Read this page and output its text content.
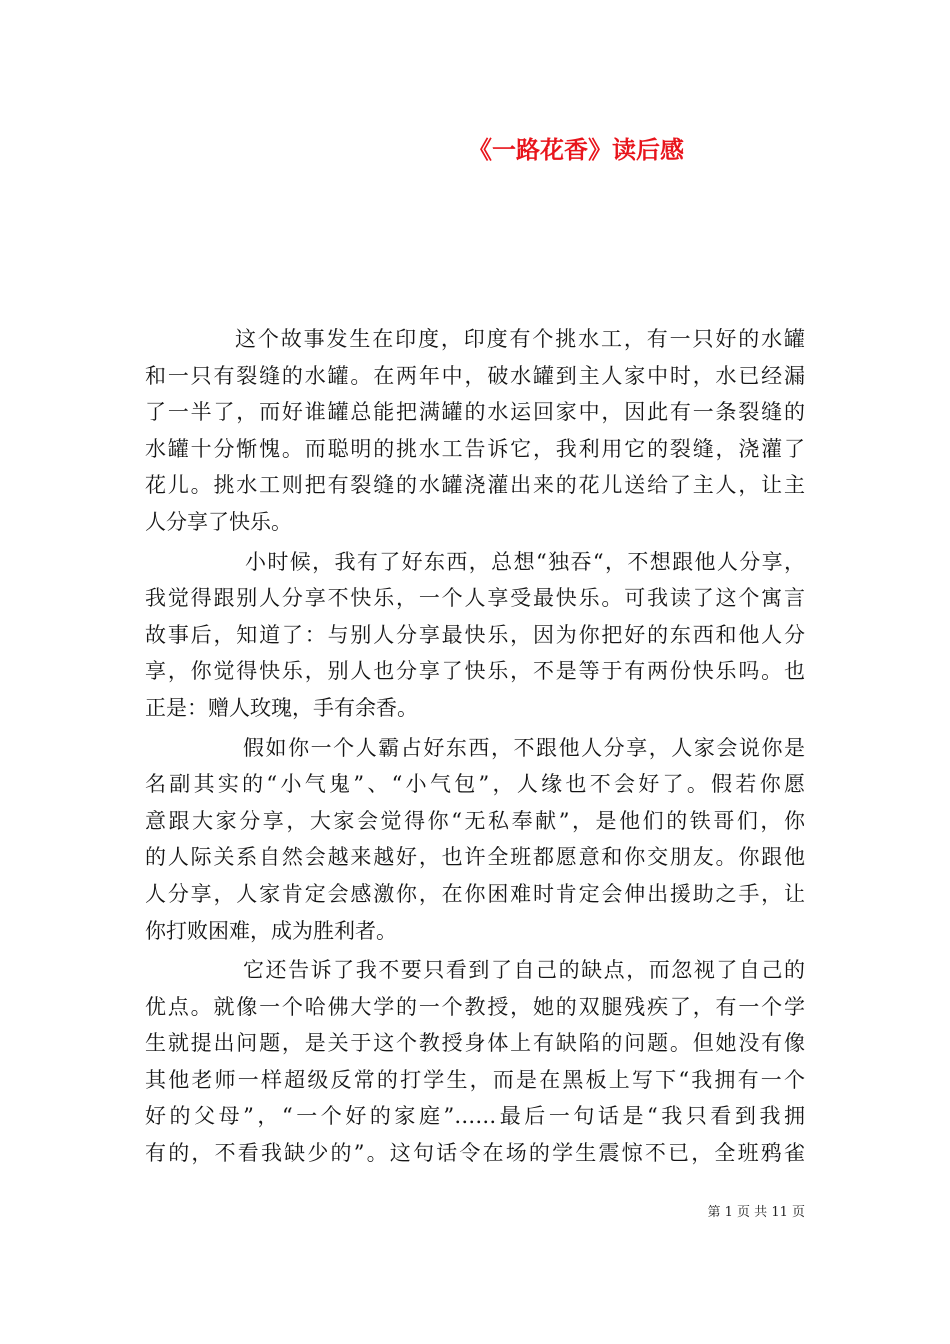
《一路花香》读后感
这个故事发生在印度，印度有个挑水工，有一只好的水罐
和一只有裂缝的水罐。在两年中，破水罐到主人家中时，水已经漏
了一半了，而好谁罐总能把满罐的水运回家中，因此有一条裂缝的
水罐十分惭愧。而聪明的挑水工告诉它，我利用它的裂缝，浇灌了
花儿。挑水工则把有裂缝的水罐浇灌出来的花儿送给了主人，让主
人分享了快乐。
小时候，我有了好东西，总想“独吞“，不想跟他人分享，
我觉得跟别人分享不快乐，一个人享受最快乐。可我读了这个寓言
故事后，知道了：与别人分享最快乐，因为你把好的东西和他人分
享，你觉得快乐，别人也分享了快乐，不是等于有两份快乐吗。也
正是：赠人玫瑰，手有余香。
假如你一个人霸占好东西，不跟他人分享，人家会说你是
名副其实的“小气鬼”、“小气包”，人缘也不会好了。假若你愿
意跟大家分享，大家会觉得你“无私奉献”，是他们的铁哥们，你
的人际关系自然会越来越好，也许全班都愿意和你交朋友。你跟他
人分享，人家肯定会感激你，在你困难时肯定会伸出援助之手，让
你打败困难，成为胜利者。
它还告诉了我不要只看到了自己的缺点，而忽视了自己的
优点。就像一个哈佛大学的一个教授，她的双腿残疾了，有一个学
生就提出问题，是关于这个教授身体上有缺陷的问题。但她没有像
其他老师一样超级反常的打学生，而是在黑板上写下“我拥有一个
好的父母”，“一个好的家庭”……最后一句话是“我只看到我拥
有的，不看我缺少的”。这句话令在场的学生震惊不已，全班鸦雀
第 1 页 共 11 页
